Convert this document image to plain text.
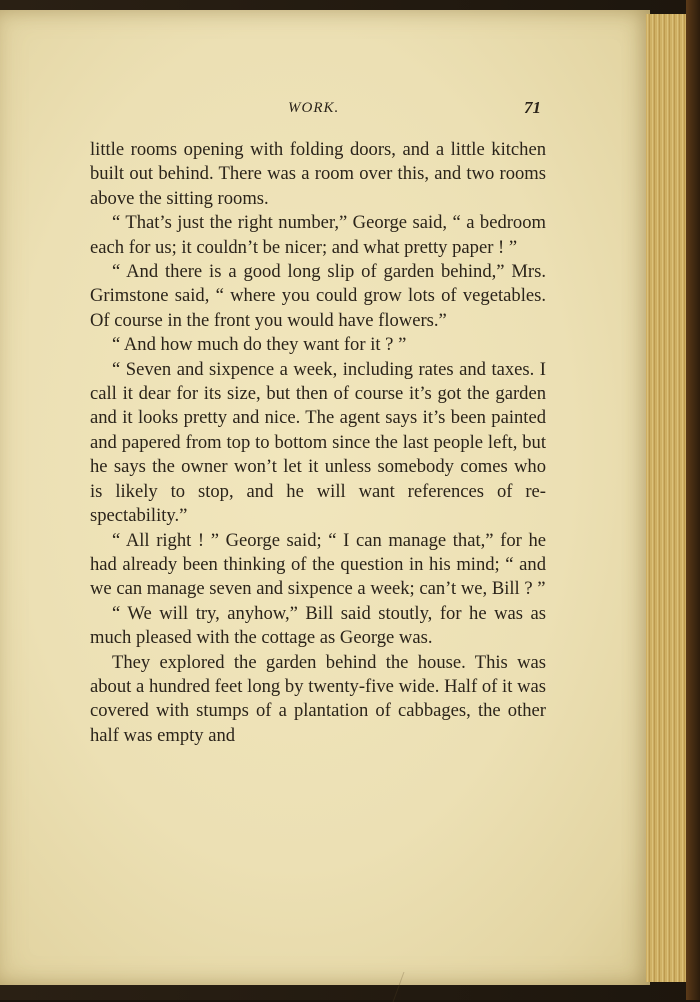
WORK.	71

little rooms opening with folding doors, and a little kitchen built out behind. There was a room over this, and two rooms above the sitting rooms.

“ That’s just the right number,” George said, “ a bedroom each for us; it couldn’t be nicer; and what pretty paper ! ”

“ And there is a good long slip of garden behind,” Mrs. Grimstone said, “ where you could grow lots of vegetables. Of course in the front you would have flowers.”

“ And how much do they want for it ? ”

“ Seven and sixpence a week, including rates and taxes. I call it dear for its size, but then of course it’s got the garden and it looks pretty and nice. The agent says it’s been painted and papered from top to bottom since the last people left, but he says the owner won’t let it unless somebody comes who is likely to stop, and he will want references of re-spectability.”

“ All right ! ” George said; “ I can manage that,” for he had already been thinking of the question in his mind; “ and we can manage seven and sixpence a week; can’t we, Bill ? ”

“ We will try, anyhow,” Bill said stoutly, for he was as much pleased with the cottage as George was.

They explored the garden behind the house. This was about a hundred feet long by twenty-five wide. Half of it was covered with stumps of a plantation of cabbages, the other half was empty and
